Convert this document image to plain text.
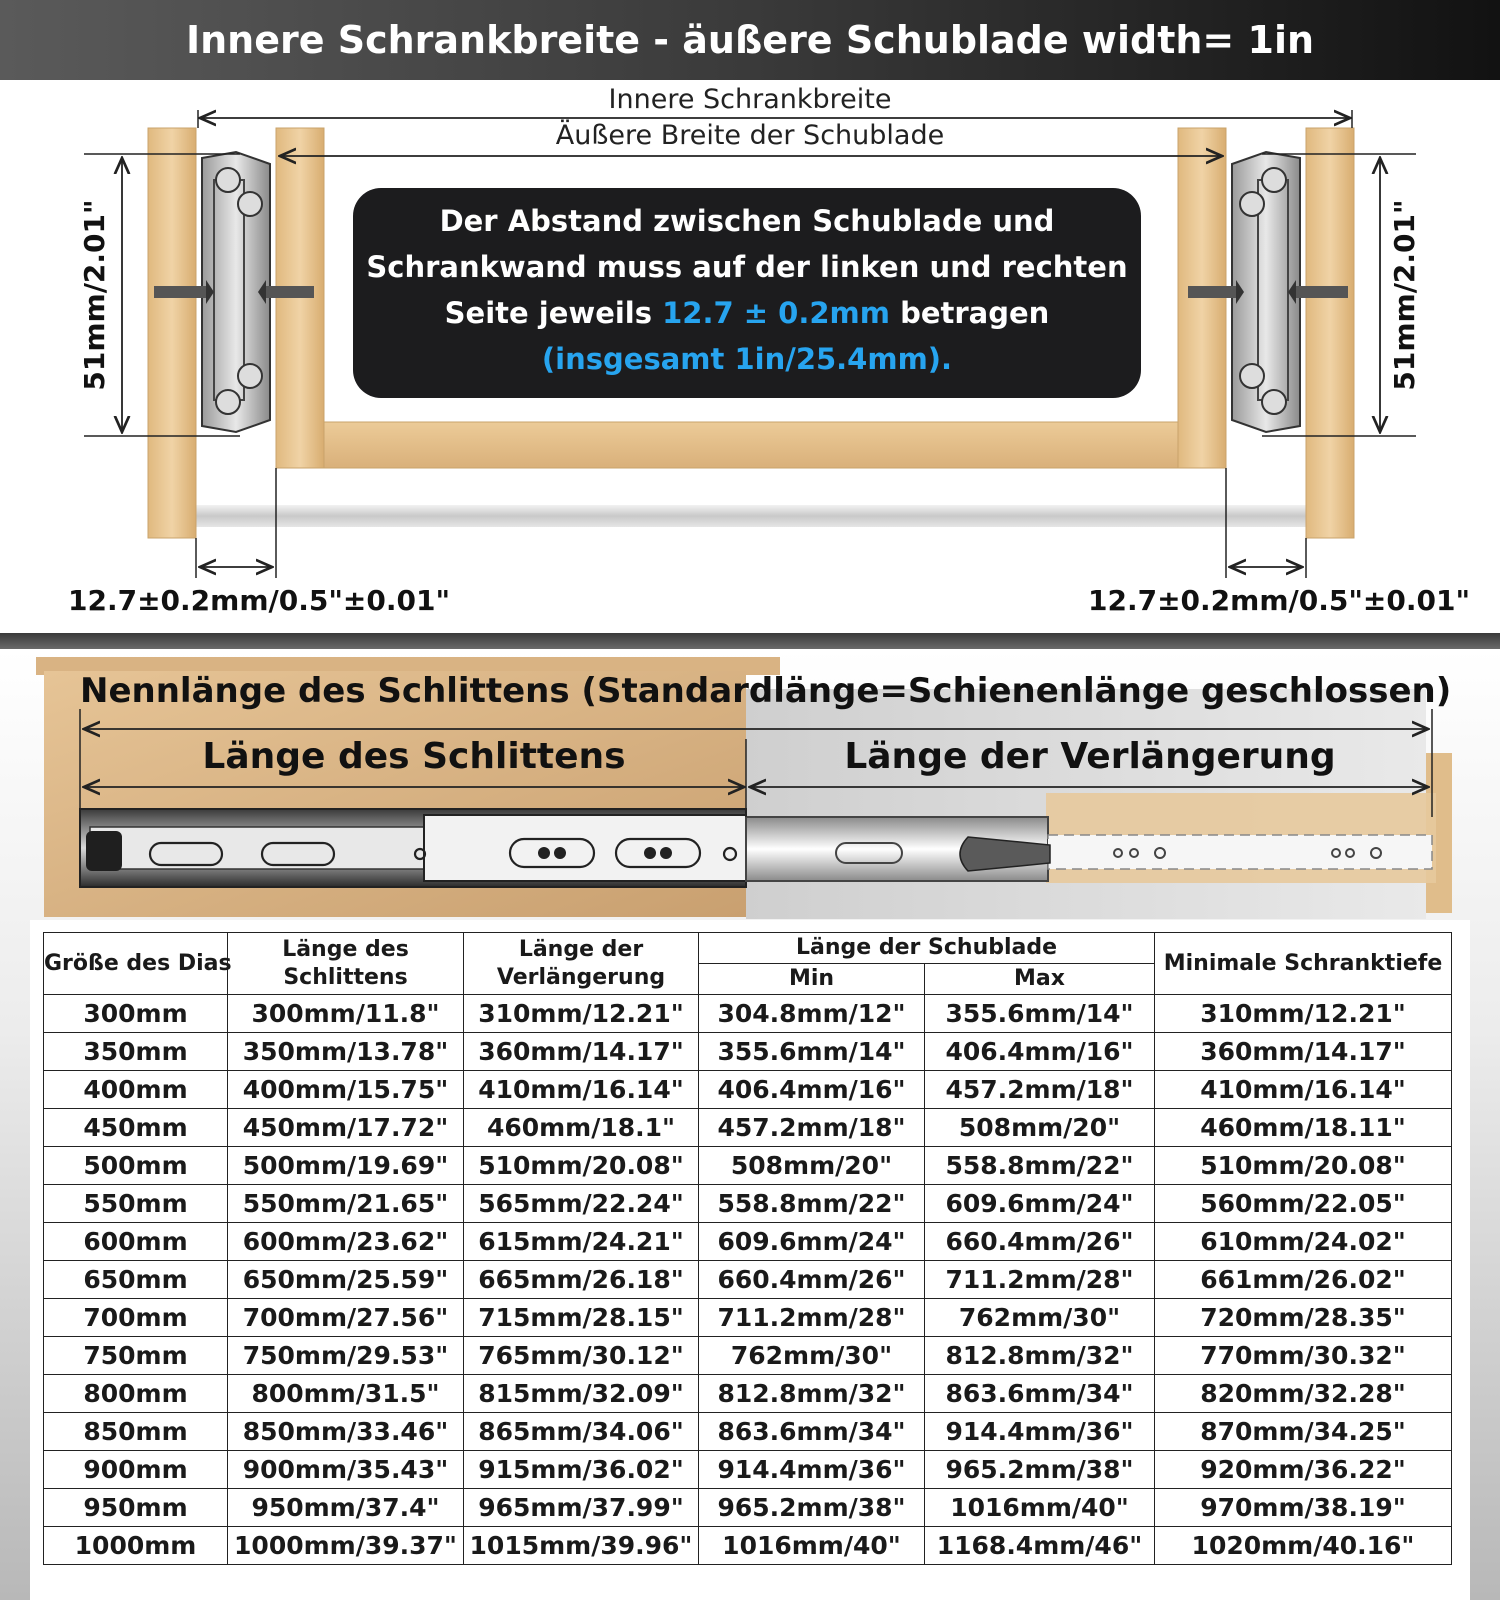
Innere Schrankbreite - äußere Schublade width= 1in
Innere Schrankbreite
Äußere Breite der Schublade
51mm/2.01"	51mm/2.01"
12.7±0.2mm/0.5"±0.01"	12.7±0.2mm/0.5"±0.01"
Der Abstand zwischen Schublade und
Schrankwand muss auf der linken und rechten
Seite jeweils 12.7 ± 0.2mm betragen
(insgesamt 1in/25.4mm).
Nennlänge des Schlittens (Standardlänge=Schienenlänge geschlossen)
Länge des Schlittens	Länge der Verlängerung
Größe des Dias	Länge des Schlittens	Länge der Verlängerung	Länge der Schublade		Minimale Schranktiefe
			Min	Max	
300mm	300mm/11.8"	310mm/12.21"	304.8mm/12"	355.6mm/14"	310mm/12.21"
350mm	350mm/13.78"	360mm/14.17"	355.6mm/14"	406.4mm/16"	360mm/14.17"
400mm	400mm/15.75"	410mm/16.14"	406.4mm/16"	457.2mm/18"	410mm/16.14"
450mm	450mm/17.72"	460mm/18.1"	457.2mm/18"	508mm/20"	460mm/18.11"
500mm	500mm/19.69"	510mm/20.08"	508mm/20"	558.8mm/22"	510mm/20.08"
550mm	550mm/21.65"	565mm/22.24"	558.8mm/22"	609.6mm/24"	560mm/22.05"
600mm	600mm/23.62"	615mm/24.21"	609.6mm/24"	660.4mm/26"	610mm/24.02"
650mm	650mm/25.59"	665mm/26.18"	660.4mm/26"	711.2mm/28"	661mm/26.02"
700mm	700mm/27.56"	715mm/28.15"	711.2mm/28"	762mm/30"	720mm/28.35"
750mm	750mm/29.53"	765mm/30.12"	762mm/30"	812.8mm/32"	770mm/30.32"
800mm	800mm/31.5"	815mm/32.09"	812.8mm/32"	863.6mm/34"	820mm/32.28"
850mm	850mm/33.46"	865mm/34.06"	863.6mm/34"	914.4mm/36"	870mm/34.25"
900mm	900mm/35.43"	915mm/36.02"	914.4mm/36"	965.2mm/38"	920mm/36.22"
950mm	950mm/37.4"	965mm/37.99"	965.2mm/38"	1016mm/40"	970mm/38.19"
1000mm	1000mm/39.37"	1015mm/39.96"	1016mm/40"	1168.4mm/46"	1020mm/40.16"
